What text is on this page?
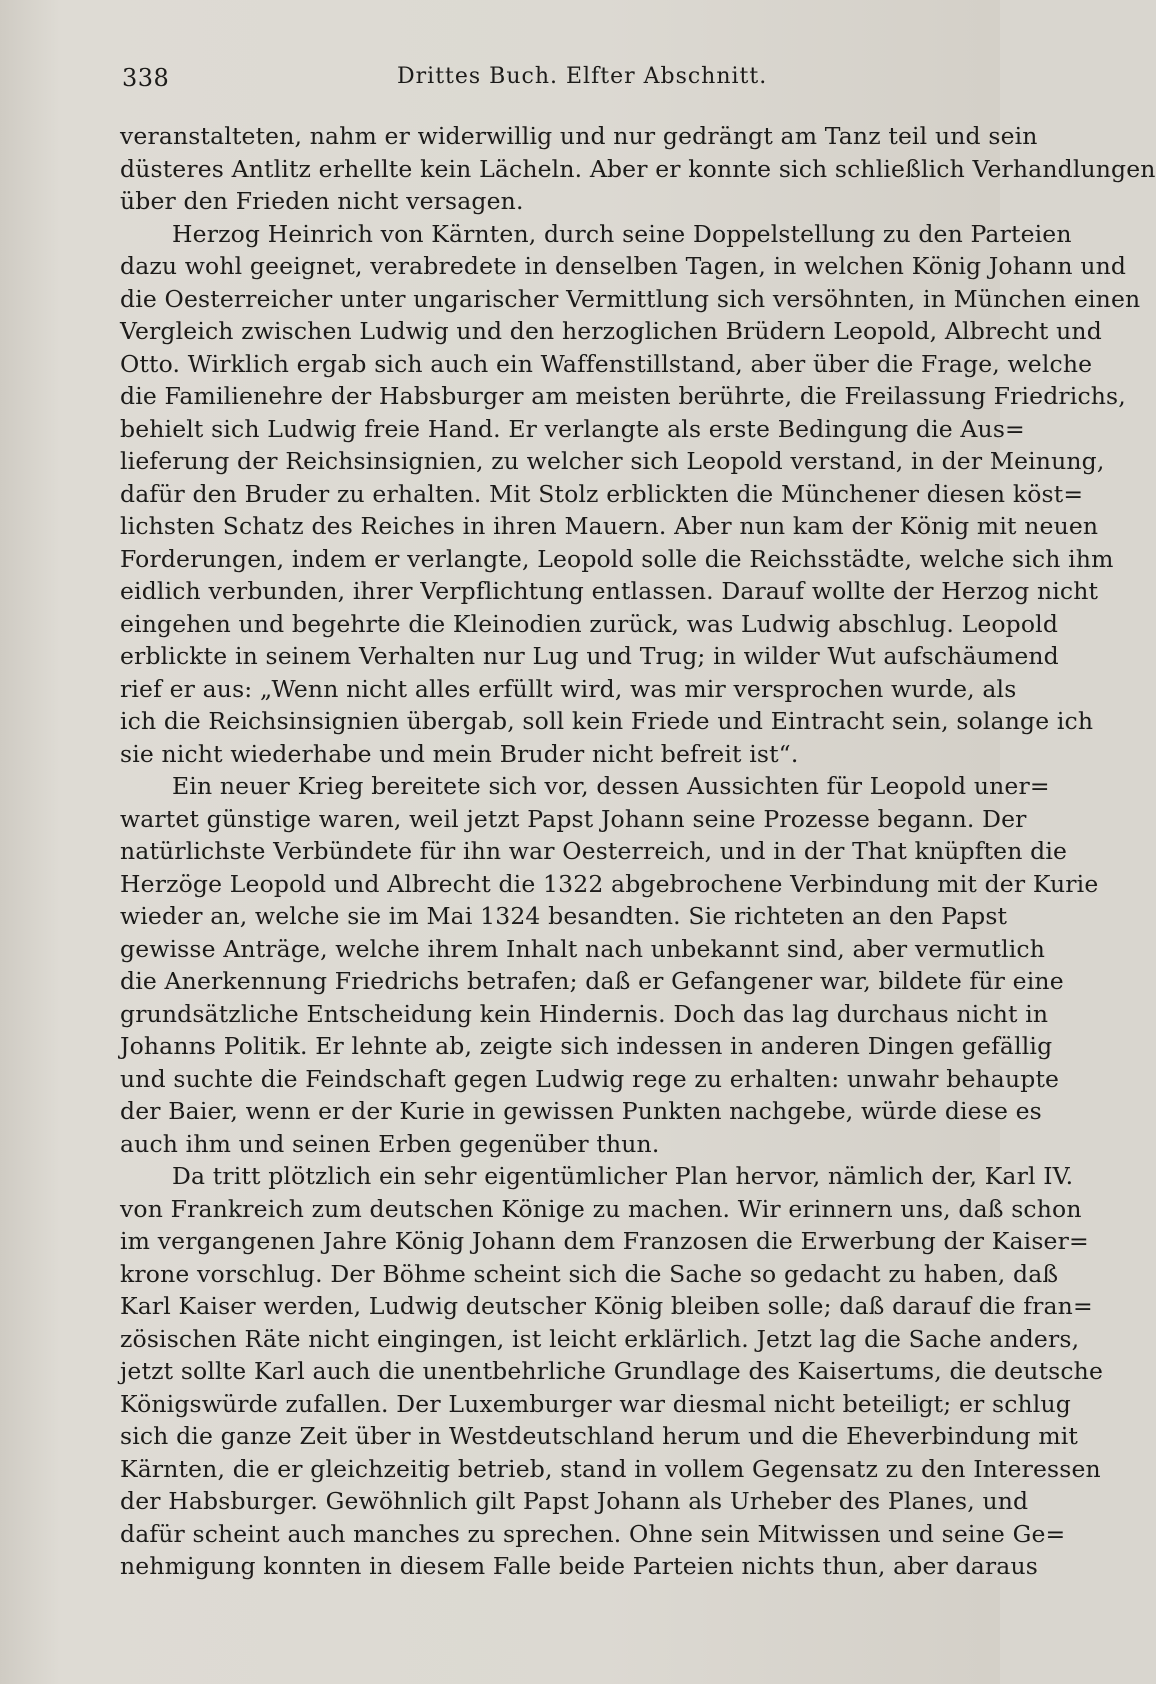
338	Drittes Buch. Elfter Abschnitt.
veranstalteten, nahm er widerwillig und nur gedrängt am Tanz teil und sein
düsteres Antlitz erhellte kein Lächeln. Aber er konnte sich schließlich Verhandlungen
über den Frieden nicht versagen.
Herzog Heinrich von Kärnten, durch seine Doppelstellung zu den Parteien
dazu wohl geeignet, verabredete in denselben Tagen, in welchen König Johann und
die Oesterreicher unter ungarischer Vermittlung sich versöhnten, in München einen
Vergleich zwischen Ludwig und den herzoglichen Brüdern Leopold, Albrecht und
Otto. Wirklich ergab sich auch ein Waffenstillstand, aber über die Frage, welche
die Familienehre der Habsburger am meisten berührte, die Freilassung Friedrichs,
behielt sich Ludwig freie Hand. Er verlangte als erste Bedingung die Aus=
lieferung der Reichsinsignien, zu welcher sich Leopold verstand, in der Meinung,
dafür den Bruder zu erhalten. Mit Stolz erblickten die Münchener diesen köst=
lichsten Schatz des Reiches in ihren Mauern. Aber nun kam der König mit neuen
Forderungen, indem er verlangte, Leopold solle die Reichsstädte, welche sich ihm
eidlich verbunden, ihrer Verpflichtung entlassen. Darauf wollte der Herzog nicht
eingehen und begehrte die Kleinodien zurück, was Ludwig abschlug. Leopold
erblickte in seinem Verhalten nur Lug und Trug; in wilder Wut aufschäumend
rief er aus: „Wenn nicht alles erfüllt wird, was mir versprochen wurde, als
ich die Reichsinsignien übergab, soll kein Friede und Eintracht sein, solange ich
sie nicht wiederhabe und mein Bruder nicht befreit ist“.
Ein neuer Krieg bereitete sich vor, dessen Aussichten für Leopold uner=
wartet günstige waren, weil jetzt Papst Johann seine Prozesse begann. Der
natürlichste Verbündete für ihn war Oesterreich, und in der That knüpften die
Herzöge Leopold und Albrecht die 1322 abgebrochene Verbindung mit der Kurie
wieder an, welche sie im Mai 1324 besandten. Sie richteten an den Papst
gewisse Anträge, welche ihrem Inhalt nach unbekannt sind, aber vermutlich
die Anerkennung Friedrichs betrafen; daß er Gefangener war, bildete für eine
grundsätzliche Entscheidung kein Hindernis. Doch das lag durchaus nicht in
Johanns Politik. Er lehnte ab, zeigte sich indessen in anderen Dingen gefällig
und suchte die Feindschaft gegen Ludwig rege zu erhalten: unwahr behaupte
der Baier, wenn er der Kurie in gewissen Punkten nachgebe, würde diese es
auch ihm und seinen Erben gegenüber thun.
Da tritt plötzlich ein sehr eigentümlicher Plan hervor, nämlich der, Karl IV.
von Frankreich zum deutschen Könige zu machen. Wir erinnern uns, daß schon
im vergangenen Jahre König Johann dem Franzosen die Erwerbung der Kaiser=
krone vorschlug. Der Böhme scheint sich die Sache so gedacht zu haben, daß
Karl Kaiser werden, Ludwig deutscher König bleiben solle; daß darauf die fran=
zösischen Räte nicht eingingen, ist leicht erklärlich. Jetzt lag die Sache anders,
jetzt sollte Karl auch die unentbehrliche Grundlage des Kaisertums, die deutsche
Königswürde zufallen. Der Luxemburger war diesmal nicht beteiligt; er schlug
sich die ganze Zeit über in Westdeutschland herum und die Eheverbindung mit
Kärnten, die er gleichzeitig betrieb, stand in vollem Gegensatz zu den Interessen
der Habsburger. Gewöhnlich gilt Papst Johann als Urheber des Planes, und
dafür scheint auch manches zu sprechen. Ohne sein Mitwissen und seine Ge=
nehmigung konnten in diesem Falle beide Parteien nichts thun, aber daraus
